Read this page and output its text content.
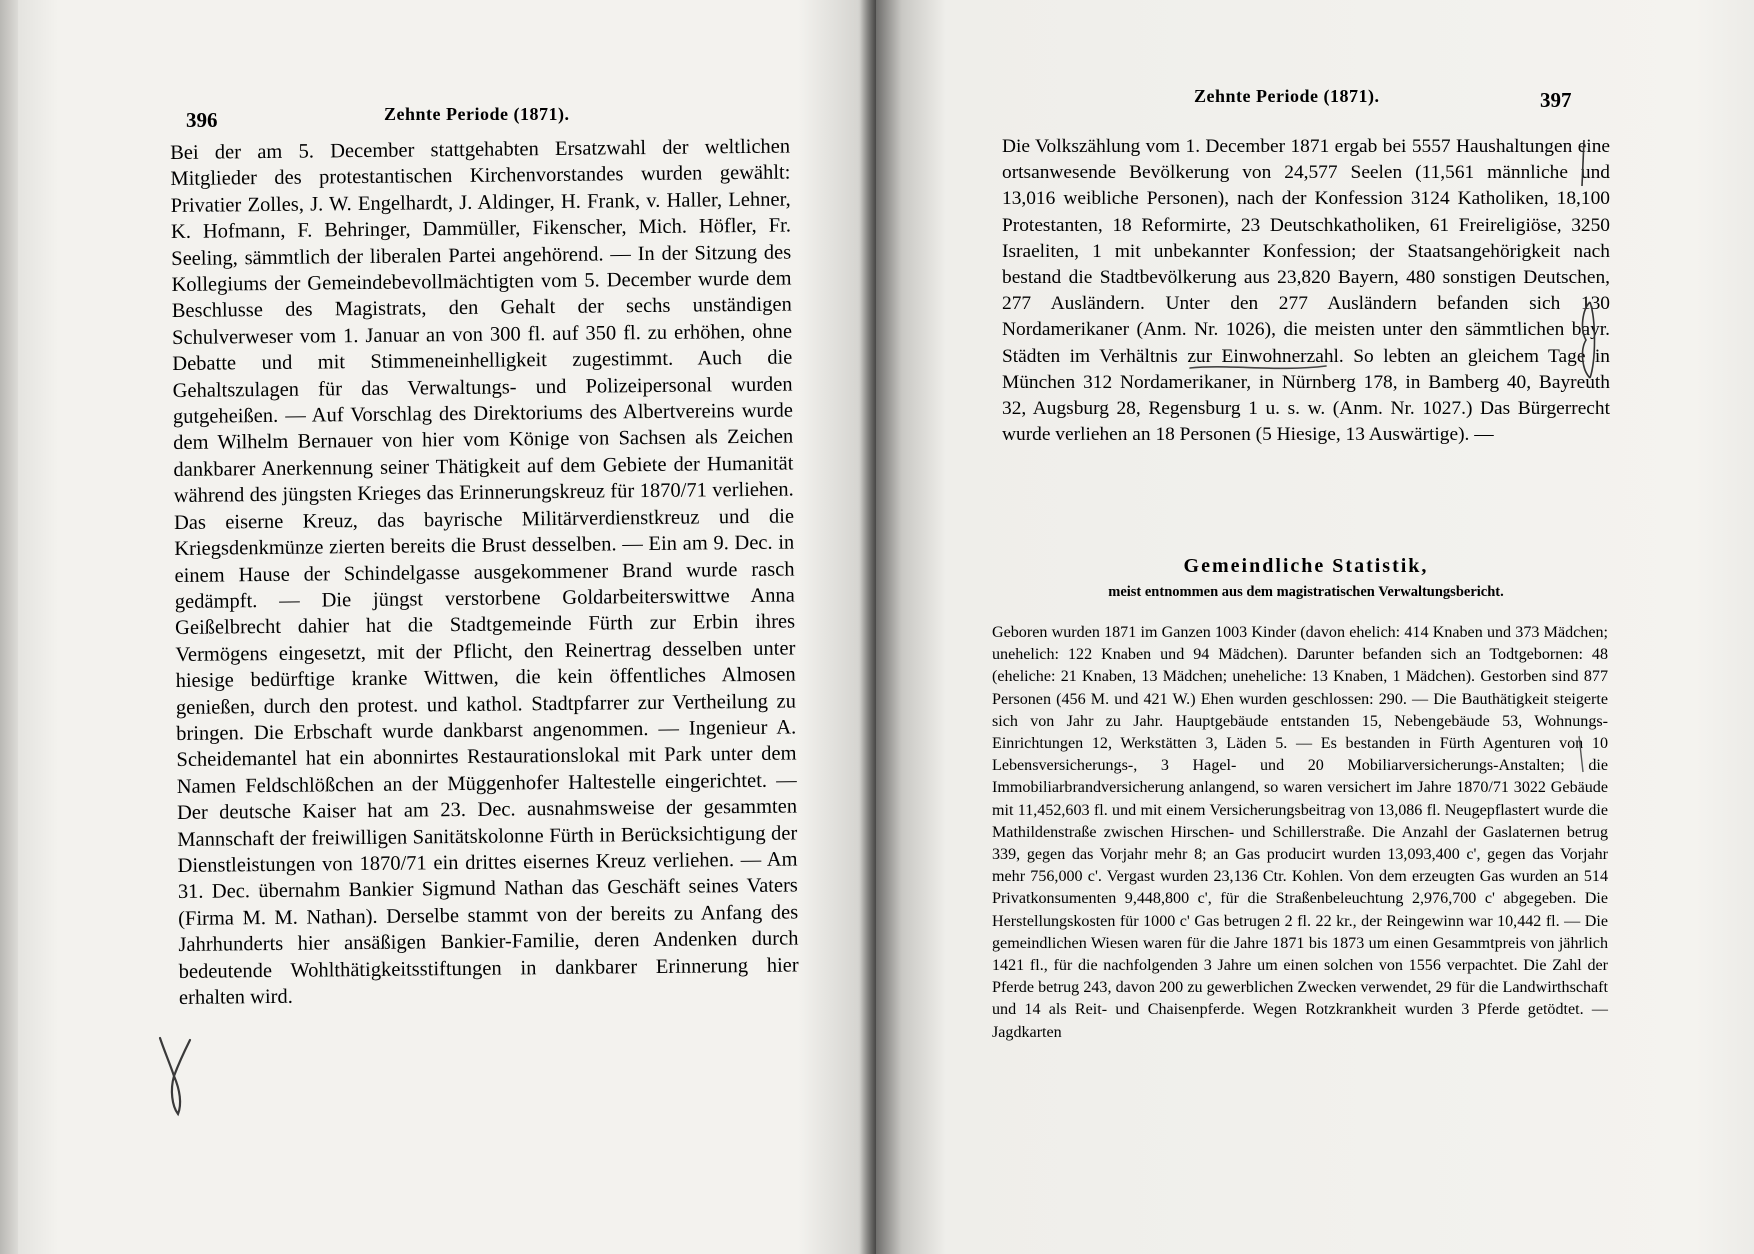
396	Zehnte Periode (1871).

Bei der am 5. December stattgehabten Ersatzwahl der weltlichen Mitglieder des protestantischen Kirchenvorstandes wurden gewählt: Privatier Zolles, J. W. Engelhardt, J. Aldinger, H. Frank, v. Haller, Lehner, K. Hofmann, F. Behringer, Dammüller, Fikenscher, Mich. Höfler, Fr. Seeling, sämmtlich der liberalen Partei angehörend. — In der Sitzung des Kollegiums der Gemeindebevollmächtigten vom 5. December wurde dem Beschlusse des Magistrats, den Gehalt der sechs unständigen Schulverweser vom 1. Januar an von 300 fl. auf 350 fl. zu erhöhen, ohne Debatte und mit Stimmeneinhelligkeit zugestimmt. Auch die Gehaltszulagen für das Verwaltungs- und Polizeipersonal wurden gutgeheißen. — Auf Vorschlag des Direktoriums des Albertvereins wurde dem Wilhelm Bernauer von hier vom Könige von Sachsen als Zeichen dankbarer Anerkennung seiner Thätigkeit auf dem Gebiete der Humanität während des jüngsten Krieges das Erinnerungskreuz für 1870/71 verliehen. Das eiserne Kreuz, das bayrische Militärverdienstkreuz und die Kriegsdenkmünze zierten bereits die Brust desselben. — Ein am 9. Dec. in einem Hause der Schindelgasse ausgekommener Brand wurde rasch gedämpft. — Die jüngst verstorbene Goldarbeiterswittwe Anna Geißelbrecht dahier hat die Stadtgemeinde Fürth zur Erbin ihres Vermögens eingesetzt, mit der Pflicht, den Reinertrag desselben unter hiesige bedürftige kranke Wittwen, die kein öffentliches Almosen genießen, durch den protest. und kathol. Stadtpfarrer zur Vertheilung zu bringen. Die Erbschaft wurde dankbarst angenommen. — Ingenieur A. Scheidemantel hat ein abonnirtes Restaurationslokal mit Park unter dem Namen Feldschlößchen an der Müggenhofer Haltestelle eingerichtet. — Der deutsche Kaiser hat am 23. Dec. ausnahmsweise der gesammten Mannschaft der freiwilligen Sanitätskolonne Fürth in Berücksichtigung der Dienstleistungen von 1870/71 ein drittes eisernes Kreuz verliehen. — Am 31. Dec. übernahm Bankier Sigmund Nathan das Geschäft seines Vaters (Firma M. M. Nathan). Derselbe stammt von der bereits zu Anfang des Jahrhunderts hier ansäßigen Bankier-Familie, deren Andenken durch bedeutende Wohlthätigkeitsstiftungen in dankbarer Erinnerung hier erhalten wird.

Zehnte Periode (1871).	397

Die Volkszählung vom 1. December 1871 ergab bei 5557 Haushaltungen eine ortsanwesende Bevölkerung von 24,577 Seelen (11,561 männliche und 13,016 weibliche Personen), nach der Konfession 3124 Katholiken, 18,100 Protestanten, 18 Reformirte, 23 Deutschkatholiken, 61 Freireligiöse, 3250 Israeliten, 1 mit unbekannter Konfession; der Staatsangehörigkeit nach bestand die Stadtbevölkerung aus 23,820 Bayern, 480 sonstigen Deutschen, 277 Ausländern. Unter den 277 Ausländern befanden sich 130 Nordamerikaner (Anm. Nr. 1026), die meisten unter den sämmtlichen bayr. Städten im Verhältnis zur Einwohnerzahl. So lebten an gleichem Tage in München 312 Nordamerikaner, in Nürnberg 178, in Bamberg 40, Bayreuth 32, Augsburg 28, Regensburg 1 u. s. w. (Anm. Nr. 1027.) Das Bürgerrecht wurde verliehen an 18 Personen (5 Hiesige, 13 Auswärtige). —

Gemeindliche Statistik,
meist entnommen aus dem magistratischen Verwaltungsbericht.

Geboren wurden 1871 im Ganzen 1003 Kinder (davon ehelich: 414 Knaben und 373 Mädchen; unehelich: 122 Knaben und 94 Mädchen). Darunter befanden sich an Todtgebornen: 48 (eheliche: 21 Knaben, 13 Mädchen; uneheliche: 13 Knaben, 1 Mädchen). Gestorben sind 877 Personen (456 M. und 421 W.) Ehen wurden geschlossen: 290. — Die Bauthätigkeit steigerte sich von Jahr zu Jahr. Hauptgebäude entstanden 15, Nebengebäude 53, Wohnungs-Einrichtungen 12, Werkstätten 3, Läden 5. — Es bestanden in Fürth Agenturen von 10 Lebensversicherungs-, 3 Hagel- und 20 Mobiliarversicherungs-Anstalten; die Immobiliarbrandversicherung anlangend, so waren versichert im Jahre 1870/71 3022 Gebäude mit 11,452,603 fl. und mit einem Versicherungsbeitrag von 13,086 fl. Neugepflastert wurde die Mathildenstraße zwischen Hirschen- und Schillerstraße. Die Anzahl der Gaslaternen betrug 339, gegen das Vorjahr mehr 8; an Gas producirt wurden 13,093,400 c', gegen das Vorjahr mehr 756,000 c'. Vergast wurden 23,136 Ctr. Kohlen. Von dem erzeugten Gas wurden an 514 Privatkonsumenten 9,448,800 c', für die Straßenbeleuchtung 2,976,700 c' abgegeben. Die Herstellungskosten für 1000 c' Gas betrugen 2 fl. 22 kr., der Reingewinn war 10,442 fl. — Die gemeindlichen Wiesen waren für die Jahre 1871 bis 1873 um einen Gesammtpreis von jährlich 1421 fl., für die nachfolgenden 3 Jahre um einen solchen von 1556 verpachtet. Die Zahl der Pferde betrug 243, davon 200 zu gewerblichen Zwecken verwendet, 29 für die Landwirthschaft und 14 als Reit- und Chaisenpferde. Wegen Rotzkrankheit wurden 3 Pferde getödtet. — Jagdkarten
